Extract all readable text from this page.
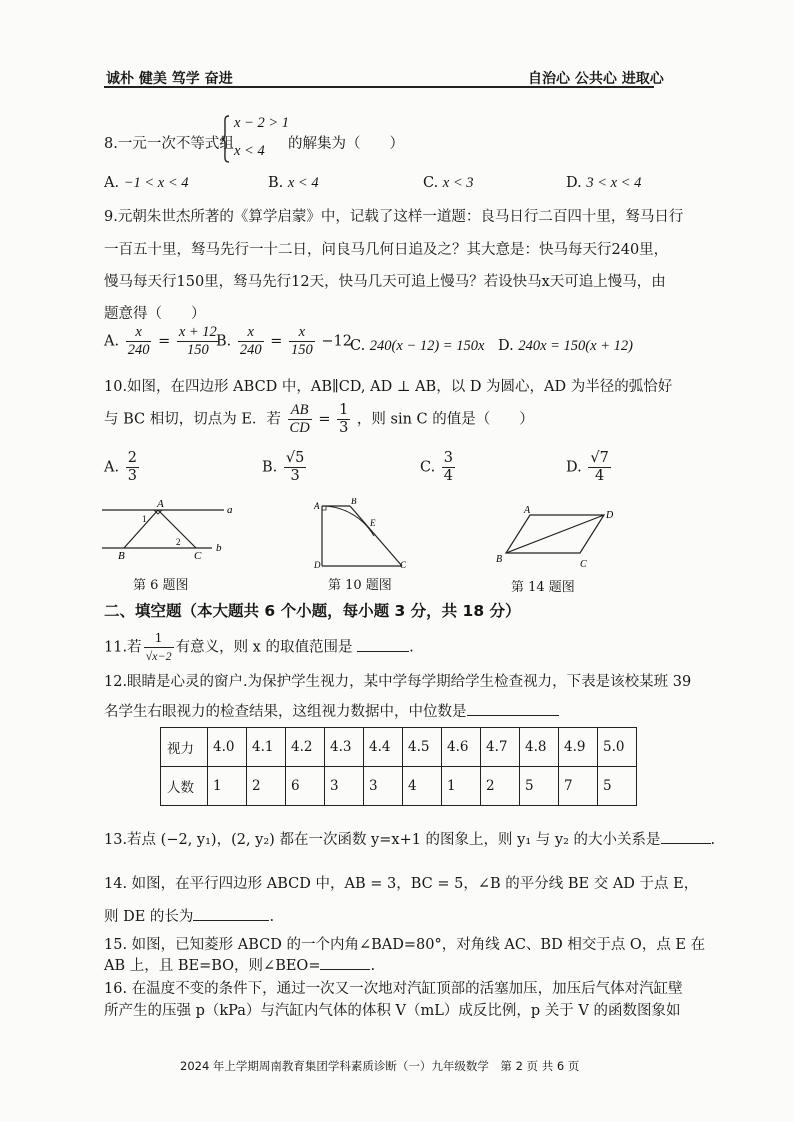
诚朴 健美 笃学 奋进	自治心 公共心 进取心
8.一元一次不等式组
x − 2 > 1
x < 4 的解集为（　　）
A. −1 < x < 4	B. x < 4	C. x < 3	D. 3 < x < 4
9.元朝朱世杰所著的《算学启蒙》中，记载了这样一道题：良马日行二百四十里，驽马日行
一百五十里，驽马先行一十二日，问良马几何日追及之？其大意是：快马每天行240里，
慢马每天行150里，驽马先行12天，快马几天可追上慢马？若设快马x天可追上慢马，由
题意得（　　）
A. $\frac{x}{240} = \frac{x + 12}{150}$
B. $\frac{x}{240} = \frac{x}{150} -12$
C. 240(x − 12) = 150x D. 240x = 150(x + 12)
10.如图，在四边形 ABCD 中，AB∥CD, AD ⊥ AB，以 D 为圆心，AD 为半径的弧恰好
与 BC 相切，切点为 E．若 $\frac{AB}{CD} = \frac{1}{3}$ ，则 sin C 的值是（　　）
A. $\frac{2}{3}$	B. $\frac{√5}{3}$	C. $\frac{3}{4}$	D. $\frac{√7}{4}$
A
B	C
a
b
1
2
第 6 题图
A	B
E
D	C
第 10 题图
A
B	C
D
第 14 题图
二、填空题（本大题共 6 个小题，每小题 3 分，共 18 分）
11.若 $\frac{1}{√x-2}$ 有意义，则 x 的取值范围是	.
12.眼睛是心灵的窗户.为保护学生视力，某中学每学期给学生检查视力，下表是该校某班 39
名学生右眼视力的检查结果，这组视力数据中，中位数是
视力	4.0	4.1	4.2	4.3	4.4	4.5	4.6	4.7	4.8	4.9	5.0
人数	1	2	6	3	3	4	1	2	5	7	5
13.若点 (−2, y₁)，(2, y₂) 都在一次函数 y=x+1 的图象上，则 y₁ 与 y₂ 的大小关系是	.
14. 如图，在平行四边形 ABCD 中，AB = 3，BC = 5，∠B 的平分线 BE 交 AD 于点 E，
则 DE 的长为	.
15. 如图，已知菱形 ABCD 的一个内角∠BAD=80°，对角线 AC、BD 相交于点 O，点 E 在
AB 上，且 BE=BO，则∠BEO=	.
16. 在温度不变的条件下，通过一次又一次地对汽缸顶部的活塞加压，加压后气体对汽缸壁
所产生的压强 p（kPa）与汽缸内气体的体积 V（mL）成反比例，p 关于 V 的函数图象如
2024 年上学期周南教育集团学科素质诊断（一）九年级数学　第 2 页 共 6 页
